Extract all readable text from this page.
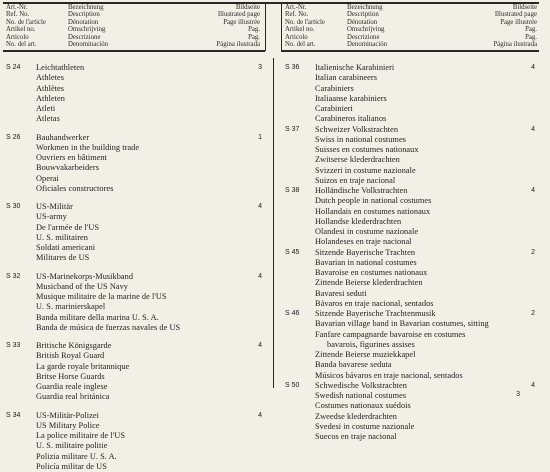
Art.-Nr.	Bezeichnung	Bildseite
Ref. No.	Description	Illustrated page
No. de l'article	Dénotation	Page illustrée
Artikel no.	Omschrijving	Pag.
Articolo	Descrizione	Pag.
No. del art.	Denominación	Página ilustrada
Art.-Nr.	Bezeichnung	Bildseite
Ref. No.	Description	Illustrated page
No. de l'article	Dénotation	Page illustrée
Artikel no.	Omschrijving	Pag.
Articolo	Descrizione	Pag.
No. del art.	Denominación	Página ilustrada
S 24	3
Leichtathleten
Athletes
Athlètes
Athleten
Atleti
Atletas
S 26	1
Bauhandwerker
Workmen in the building trade
Ouvriers en bâtiment
Bouwvakarbeiders
Operai
Oficiales constructores
S 30	4
US-Militär
US-army
De l'armée de l'US
U. S. militairen
Soldati americani
Militares de US
S 32	4
US-Marinekorps-Musikband
Musicband of the US Navy
Musique militaire de la marine de l'US
U. S. marinierskapel
Banda militare della marina U. S. A.
Banda de música de fuerzas navales de US
S 33	4
Britische Königsgarde
British Royal Guard
La garde royale britannique
Britse Horse Guards
Guardia reale inglese
Guardia real británica
S 34	4
US-Militär-Polizei
US Military Police
La police militaire de l'US
U. S. militaire politie
Polizia militare U. S. A.
Policía militar de US
S 36	4
Italienische Karabinieri
Italian carabineers
Carabiniers
Italiaanse karabiniers
Carabinieri
Carabineros italianos
S 37	4
Schweizer Volkstrachten
Swiss in national costumes
Suisses en costumes nationaux
Zwitserse klederdrachten
Svizzeri in costume nazionale
Suizos en traje nacional
S 38	4
Holländische Volkstrachten
Dutch people in national costumes
Hollandais en costumes nationaux
Hollandse klederdrachten
Olandesi in costume nazionale
Holandeses en traje nacional
S 45	2
Sitzende Bayerische Trachten
Bavarian in national costumes
Bavaroise en costumes nationaux
Zittende Beierse klederdrachten
Bavaresi seduti
Bávaros en traje nacional, sentados
S 46	2
Sitzende Bayerische Trachtenmusik
Bavarian village band in Bavarian costumes, sitting
Fanfare campagnarde bavaroise en costumes
bavarois, figurines assises
Zittende Beierse muziekkapel
Banda bavarese seduta
Músicos bávaros en traje nacional, sentados
S 50	4
Schwedische Volkstrachten
Swedish national costumes
Costumes nationaux suédois
Zweedse klederdrachten
Svedesi in costume nazionale
Suecos en traje nacional
3
